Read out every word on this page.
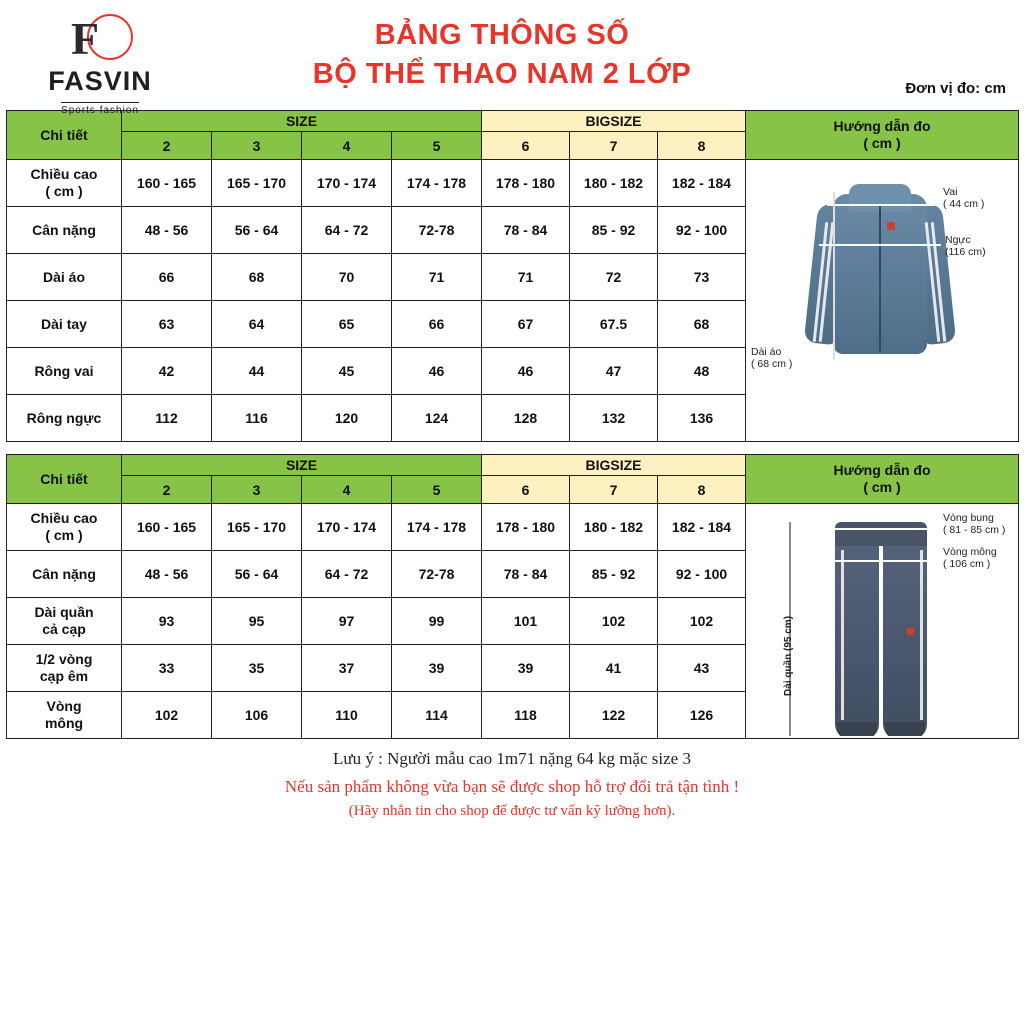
F
FASVIN
Sports fashion
BẢNG THÔNG SỐ
BỘ THỂ THAO NAM 2 LỚP	Đơn vị đo: cm
Chi tiết	SIZE				BIGSIZE			Hướng dẫn đo
( cm )

	2	3	4	5	6	7	8	

Chiều cao
( cm )	160 - 165	165 - 170	170 - 174	174 - 178	178 - 180	180 - 182	182 - 184	
Vai
( 44 cm )
Ngực
(116 cm)
Dài áo
( 68 cm )

Cân nặng	48 - 56	56 - 64	64 - 72	72-78	78 - 84	85 - 92	92 - 100	

Dài áo	66	68	70	71	71	72	73	

Dài tay	63	64	65	66	67	67.5	68	

Rông vai	42	44	45	46	46	47	48	

Rông ngực	112	116	120	124	128	132	136	
Chi tiết	SIZE				BIGSIZE			Hướng dẫn đo
( cm )

	2	3	4	5	6	7	8	

Chiều cao
( cm )	160 - 165	165 - 170	170 - 174	174 - 178	178 - 180	180 - 182	182 - 184	
Vòng bụng
( 81 - 85 cm )
Vòng mông
( 106 cm )
Dài quần (95 cm)

Cân nặng	48 - 56	56 - 64	64 - 72	72-78	78 - 84	85 - 92	92 - 100	

Dài quần
cả cạp	93	95	97	99	101	102	102	

1/2 vòng
cạp êm	33	35	37	39	39	41	43	

Vòng
mông	102	106	110	114	118	122	126	
Lưu ý : Người mẫu cao 1m71 nặng 64 kg mặc size 3
Nếu sản phẩm không vừa bạn sẽ được shop hỗ trợ đổi trả tận tình !
(Hãy nhắn tin cho shop để được tư vấn kỹ lưỡng hơn).
